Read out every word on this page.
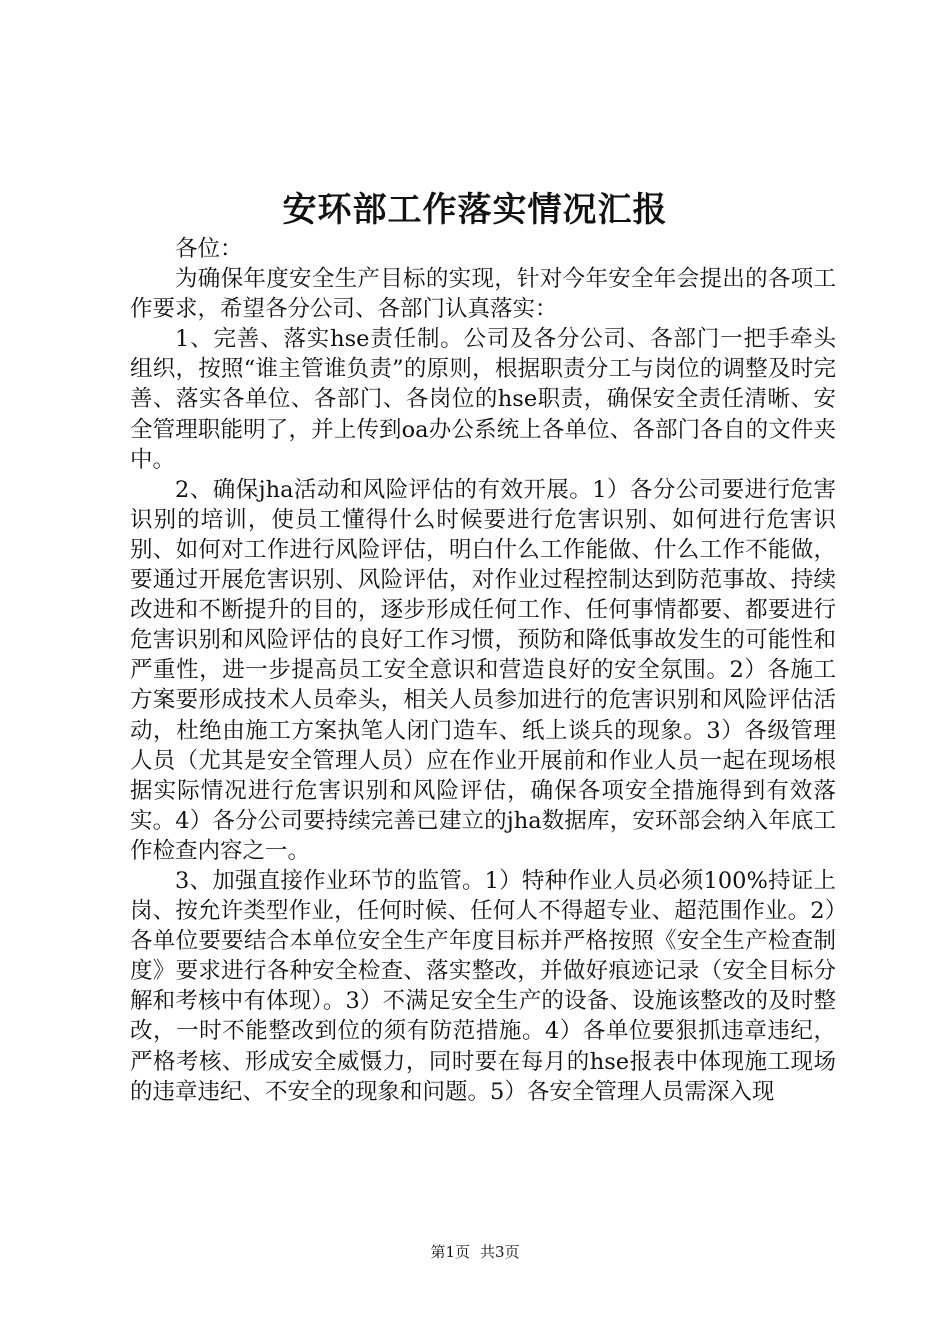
安环部工作落实情况汇报

各位：

为确保年度安全生产目标的实现，针对今年安全年会提出的各项工作要求，希望各分公司、各部门认真落实：

1、完善、落实hse责任制。公司及各分公司、各部门一把手牵头组织，按照“谁主管谁负责”的原则，根据职责分工与岗位的调整及时完善、落实各单位、各部门、各岗位的hse职责，确保安全责任清晰、安全管理职能明了，并上传到oa办公系统上各单位、各部门各自的文件夹中。

2、确保jha活动和风险评估的有效开展。1）各分公司要进行危害识别的培训，使员工懂得什么时候要进行危害识别、如何进行危害识别、如何对工作进行风险评估，明白什么工作能做、什么工作不能做，要通过开展危害识别、风险评估，对作业过程控制达到防范事故、持续改进和不断提升的目的，逐步形成任何工作、任何事情都要、都要进行危害识别和风险评估的良好工作习惯，预防和降低事故发生的可能性和严重性，进一步提高员工安全意识和营造良好的安全氛围。2）各施工方案要形成技术人员牵头，相关人员参加进行的危害识别和风险评估活动，杜绝由施工方案执笔人闭门造车、纸上谈兵的现象。3）各级管理人员（尤其是安全管理人员）应在作业开展前和作业人员一起在现场根据实际情况进行危害识别和风险评估，确保各项安全措施得到有效落实。4）各分公司要持续完善已建立的jha数据库，安环部会纳入年底工作检查内容之一。

3、加强直接作业环节的监管。1）特种作业人员必须100%持证上岗、按允许类型作业，任何时候、任何人不得超专业、超范围作业。2）各单位要要结合本单位安全生产年度目标并严格按照《安全生产检查制度》要求进行各种安全检查、落实整改，并做好痕迹记录（安全目标分解和考核中有体现）。3）不满足安全生产的设备、设施该整改的及时整改，一时不能整改到位的须有防范措施。4）各单位要狠抓违章违纪，严格考核、形成安全威慑力，同时要在每月的hse报表中体现施工现场的违章违纪、不安全的现象和问题。5）各安全管理人员需深入现

第1页 共3页
